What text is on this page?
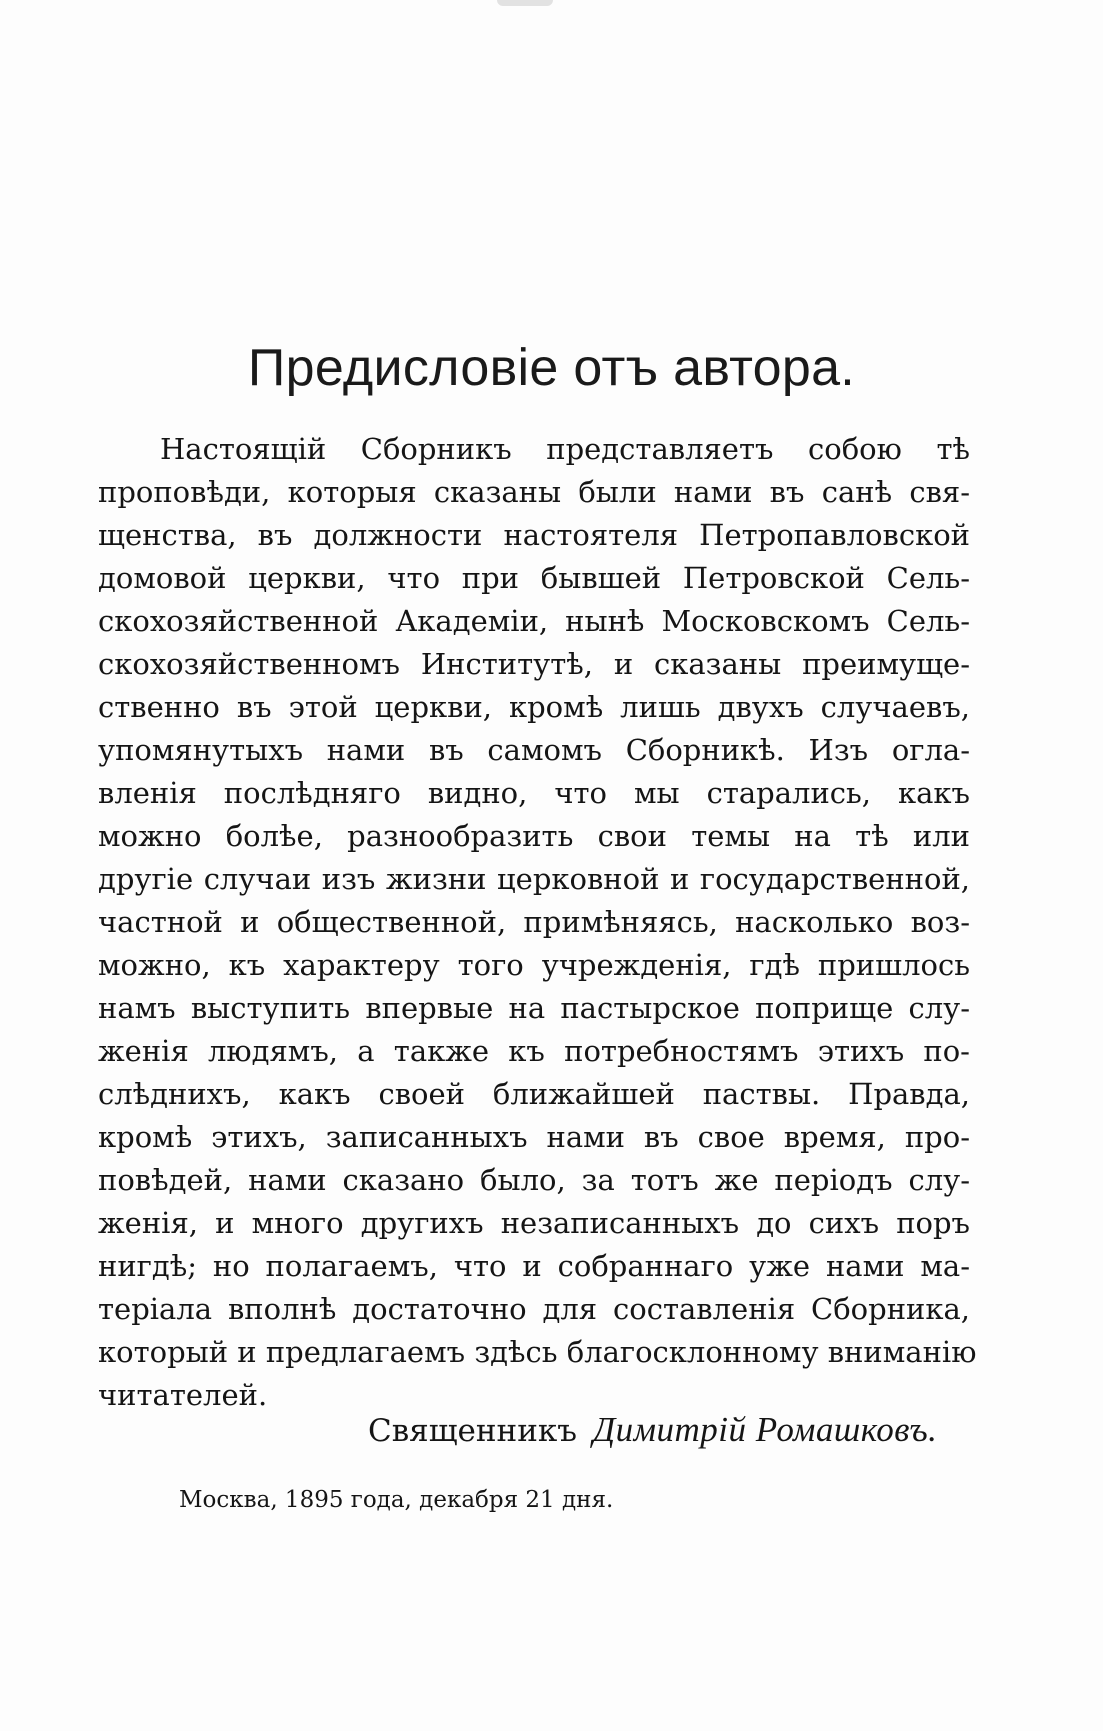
Предисловіе отъ автора.
Настоящій Сборникъ представляетъ собою тѣ
проповѣди, которыя сказаны были нами въ санѣ свя-
щенства, въ должности настоятеля Петропавловской
домовой церкви, что при бывшей Петровской Сель-
скохозяйственной Академіи, нынѣ Московскомъ Сель-
скохозяйственномъ Институтѣ, и сказаны преимуще-
ственно въ этой церкви, кромѣ лишь двухъ случаевъ,
упомянутыхъ нами въ самомъ Сборникѣ. Изъ огла-
вленія послѣдняго видно, что мы старались, какъ
можно болѣе, разнообразить свои темы на тѣ или
другіе случаи изъ жизни церковной и государственной,
частной и общественной, примѣняясь, насколько воз-
можно, къ характеру того учрежденія, гдѣ пришлось
намъ выступить впервые на пастырское поприще слу-
женія людямъ, а также къ потребностямъ этихъ по-
слѣднихъ, какъ своей ближайшей паствы. Правда,
кромѣ этихъ, записанныхъ нами въ свое время, про-
повѣдей, нами сказано было, за тотъ же періодъ слу-
женія, и много другихъ незаписанныхъ до сихъ поръ
нигдѣ; но полагаемъ, что и собраннаго уже нами ма-
теріала вполнѣ достаточно для составленія Сборника,
который и предлагаемъ здѣсь благосклонному вниманію
читателей.
Священникъ Димитрій Ромашковъ.
Москва, 1895 года, декабря 21 дня.
